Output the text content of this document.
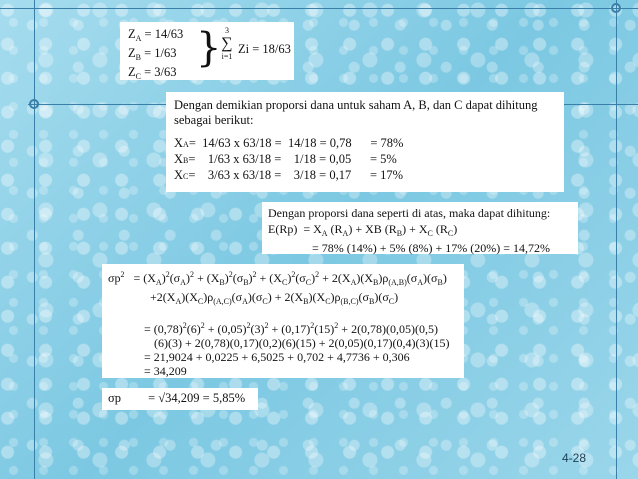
$Z_A = 14/63$
$Z_B = 1/63$
$Z_C = 3/63$
} 3
∑
i=1
Zi = 18/63
Dengan demikian proporsi dana untuk saham A, B, dan C dapat dihitung sebagai berikut:
X A =  14/63 x 63/18 =  14/18 = 0,78      = 78%
X B =    1/63 x 63/18 =    1/18 = 0,05      = 5%
X C =    3/63 x 63/18 =    3/18 = 0,17      = 17%
Dengan proporsi dana seperti di atas, maka dapat dihitung:
$E(Rp) = X_A$ $(R_A)$ + XB $(R_B) + X_C$ $(R_C)$
= 78% (14%) + 5% (8%) + 17% (20%) = 14,72%
$\sigma p^2 = (X_A)^2(\sigma_A)^2 + (X_B)^2(\sigma_B)^2 + (X_C)^2(\sigma_C)^2 + 2(X_A)(X_B)\rho_{(A,B)}(\sigma_A)(\sigma_B)$
$+2(X_A)(X_C)\rho_{(A,C)}(\sigma_A)(\sigma_C) + 2(X_B)(X_C)\rho_{(B,C)}(\sigma_B)(\sigma_C)$
= $(0,78)^2(6)^2 + (0,05)^2(3)^2 + (0,17)^2(15)^2 + 2(0,78)(0,05)(0,5)$
(6)(3) + 2(0,78)(0,17)(0,2)(6)(15) + 2(0,05)(0,17)(0,4)(3)(15)
= 21,9024 + 0,0225 + 6,5025 + 0,702 + 4,7736 + 0,306
= 34,209
σp = √34,209 = 5,85%
4-28
